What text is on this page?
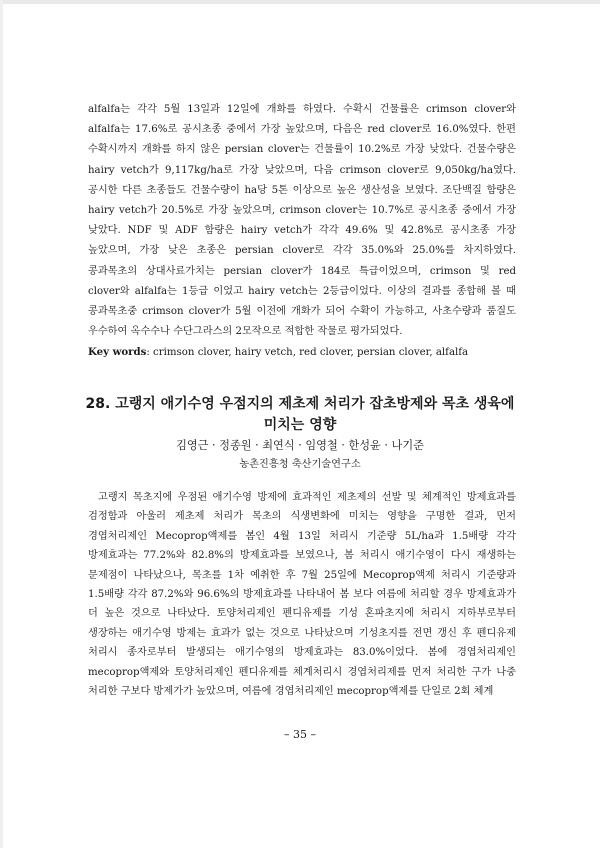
alfalfa는 각각 5월 13일과 12일에 개화를 하였다. 수확시 건물률은 crimson clover와 alfalfa는 17.6%로 공시초종 중에서 가장 높았으며, 다음은 red clover로 16.0%였다. 한편 수확시까지 개화를 하지 않은 persian clover는 건물률이 10.2%로 가장 낮았다. 건물수량은 hairy vetch가 9,117kg/ha로 가장 낮았으며, 다음 crimson clover로 9,050kg/ha였다. 공시한 다른 초종들도 건물수량이 ha당 5톤 이상으로 높은 생산성을 보였다. 조단백질 함량은 hairy vetch가 20.5%로 가장 높았으며, crimson clover는 10.7%로 공시초종 중에서 가장 낮았다. NDF 및 ADF 함량은 hairy vetch가 각각 49.6% 및 42.8%로 공시초종 가장 높았으며, 가장 낮은 초종은 persian clover로 각각 35.0%와 25.0%를 차지하였다. 콩과목초의 상대사료가치는 persian clover가 184로 특급이었으며, crimson 및 red clover와 alfalfa는 1등급 이었고 hairy vetch는 2등급이었다. 이상의 결과를 종합해 볼 때 콩과목초중 crimson clover가 5월 이전에 개화가 되어 수확이 가능하고, 사초수량과 품질도 우수하여 옥수수나 수단그라스의 2모작으로 적합한 작물로 평가되었다.

Key words: crimson clover, hairy vetch, red clover, persian clover, alfalfa

28. 고랭지 애기수영 우점지의 제초제 처리가 잡초방제와 목초 생육에 미치는 영향
김영근 · 정종원 · 최연식 · 임영철 · 한성윤 · 나기준
농촌진흥청 축산기술연구소

고랭지 목초지에 우점된 애기수영 방제에 효과적인 제초제의 선발 및 체계적인 방제효과를 검정함과 아울러 제초제 처리가 목초의 식생변화에 미치는 영향을 구명한 결과, 먼저 경엽처리제인 Mecoprop액제를 봄인 4월 13일 처리시 기준량 5L/ha과 1.5배량 각각 방제효과는 77.2%와 82.8%의 방제효과를 보였으나, 봄 처리시 애기수영이 다시 재생하는 문제점이 나타났으나, 목초를 1차 예취한 후 7월 25일에 Mecoprop액제 처리시 기준량과 1.5배량 각각 87.2%와 96.6%의 방제효과를 나타내어 봄 보다 여름에 처리할 경우 방제효과가 더 높은 것으로 나타났다. 토양처리제인 펜디유제를 기성 혼파초지에 처리시 지하부로부터 생장하는 애기수영 방제는 효과가 없는 것으로 나타났으며 기성초지를 전면 갱신 후 펜디유제 처리시 종자로부터 발생되는 애기수영의 방제효과는 83.0%이었다. 봄에 경엽처리제인 mecoprop액제와 토양처리제인 펜디유제를 체계처리시 경엽처리제를 먼저 처리한 구가 나중 처리한 구보다 방제가가 높았으며, 여름에 경엽처리제인 mecoprop액제를 단일로 2회 체계

– 35 –
